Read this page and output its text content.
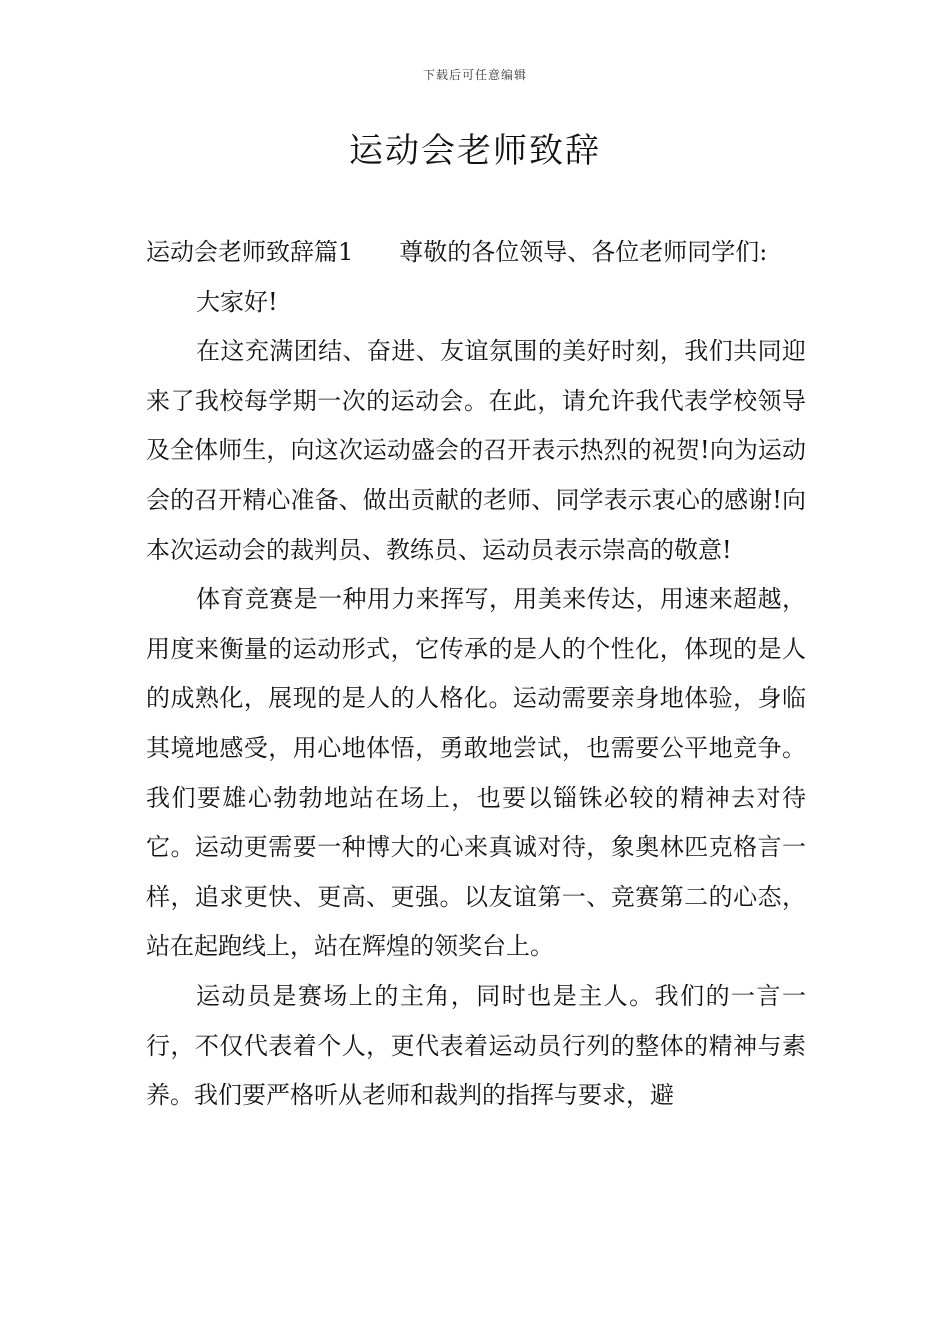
下载后可任意编辑
运动会老师致辞

运动会老师致辞篇1 尊敬的各位领导、各位老师同学们:

大家好!

在这充满团结、奋进、友谊氛围的美好时刻，我们共同迎来了我校每学期一次的运动会。在此，请允许我代表学校领导及全体师生，向这次运动盛会的召开表示热烈的祝贺!向为运动会的召开精心准备、做出贡献的老师、同学表示衷心的感谢!向本次运动会的裁判员、教练员、运动员表示崇高的敬意!

体育竞赛是一种用力来挥写，用美来传达，用速来超越，用度来衡量的运动形式，它传承的是人的个性化，体现的是人的成熟化，展现的是人的人格化。运动需要亲身地体验，身临其境地感受，用心地体悟，勇敢地尝试，也需要公平地竞争。我们要雄心勃勃地站在场上，也要以锱铢必较的精神去对待它。运动更需要一种博大的心来真诚对待，象奥林匹克格言一样，追求更快、更高、更强。以友谊第一、竞赛第二的心态，站在起跑线上，站在辉煌的领奖台上。

运动员是赛场上的主角，同时也是主人。我们的一言一行，不仅代表着个人，更代表着运动员行列的整体的精神与素养。我们要严格听从老师和裁判的指挥与要求，避
